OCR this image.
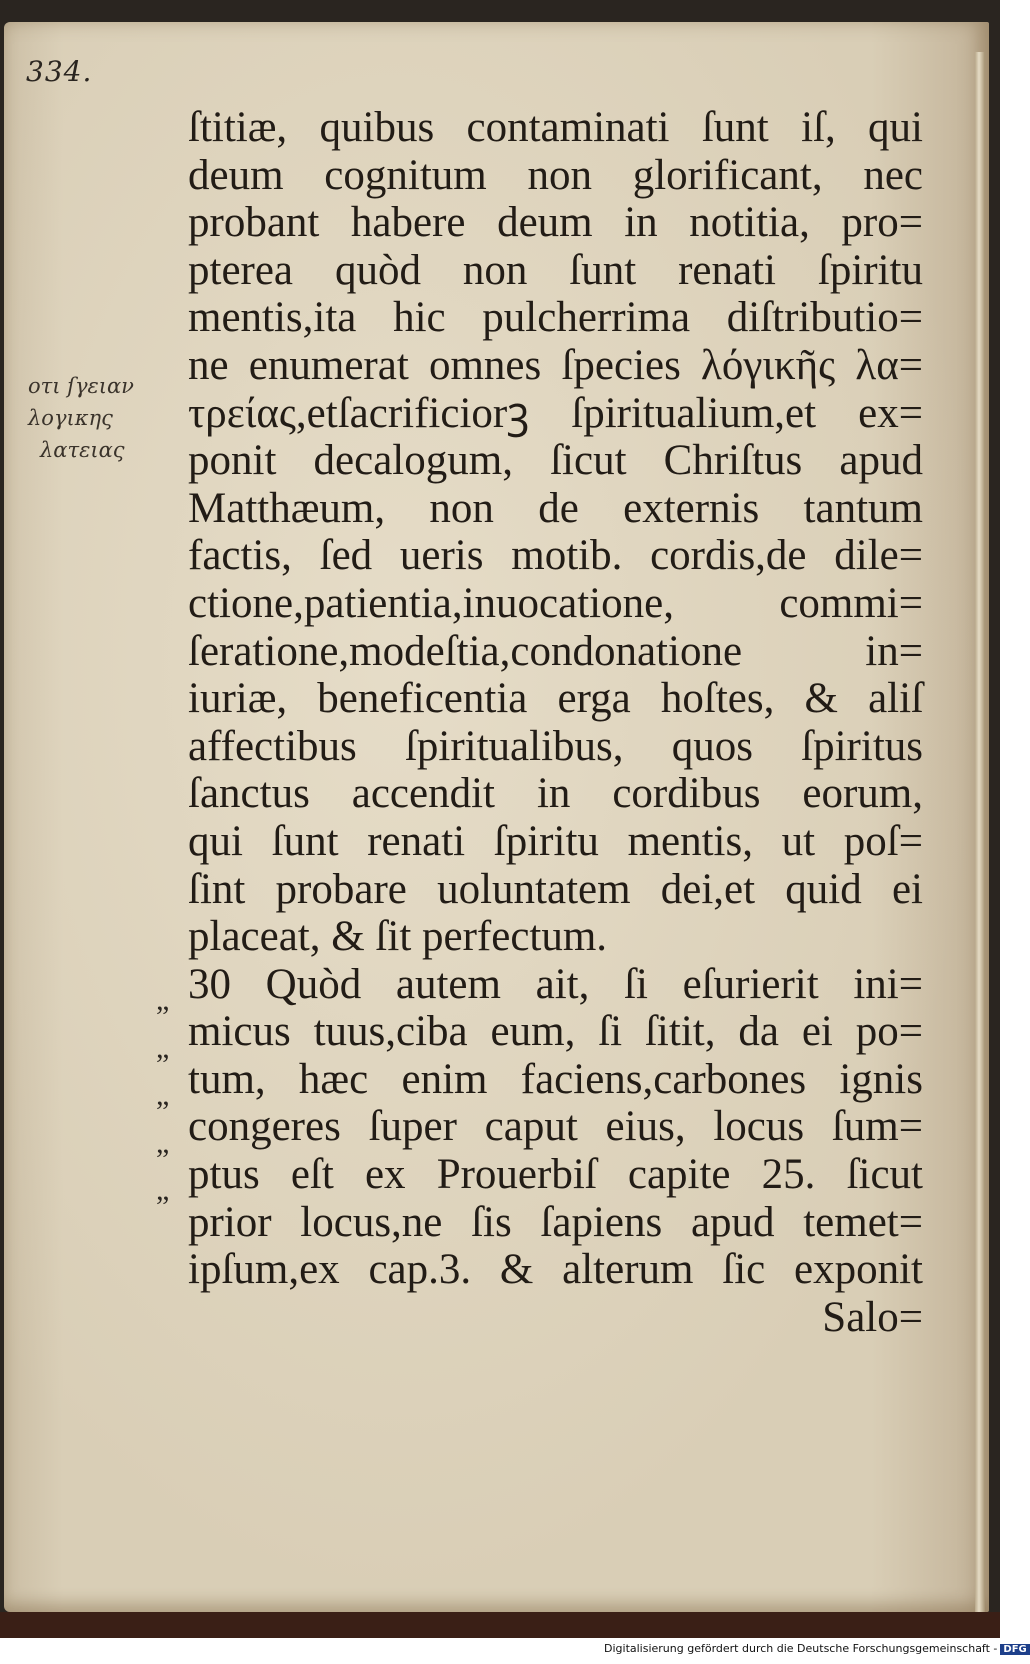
334.
οτι ſγειαν
λογικης
λατειας
”
”
”
”
”
ſtitiæ, quibus contaminati ſunt iſ, qui
deum cognitum non glorificant, nec
probant habere deum in notitia, pro=
pterea quòd non ſunt renati ſpiritu
mentis,ita hic pulcherrima diſtributio=
ne enumerat omnes ſpecies λόγικῆς λα=
τρείας,etſacrificiorꝫ ſpiritualium,et ex=
ponit decalogum, ſicut Chriſtus apud
Matthæum, non de externis tantum
factis, ſed ueris motib. cordis,de dile=
ctione,patientia,inuocatione, commi=
ſeratione,modeſtia,condonatione in=
iuriæ, beneficentia erga hoſtes, & aliſ
affectibus ſpiritualibus, quos ſpiritus
ſanctus accendit in cordibus eorum,
qui ſunt renati ſpiritu mentis, ut poſ=
ſint probare uoluntatem dei,et quid ei
placeat, & ſit perfectum.
30 Quòd autem ait, ſi eſurierit ini=
micus tuus,ciba eum, ſi ſitit, da ei po=
tum, hæc enim faciens,carbones ignis
congeres ſuper caput eius, locus ſum=
ptus eſt ex Prouerbiſ capite 25. ſicut
prior locus,ne ſis ſapiens apud temet=
ipſum,ex cap.3. & alterum ſic exponit
Salo=
Digitalisierung gefördert durch die Deutsche Forschungsgemeinschaft - DFG
